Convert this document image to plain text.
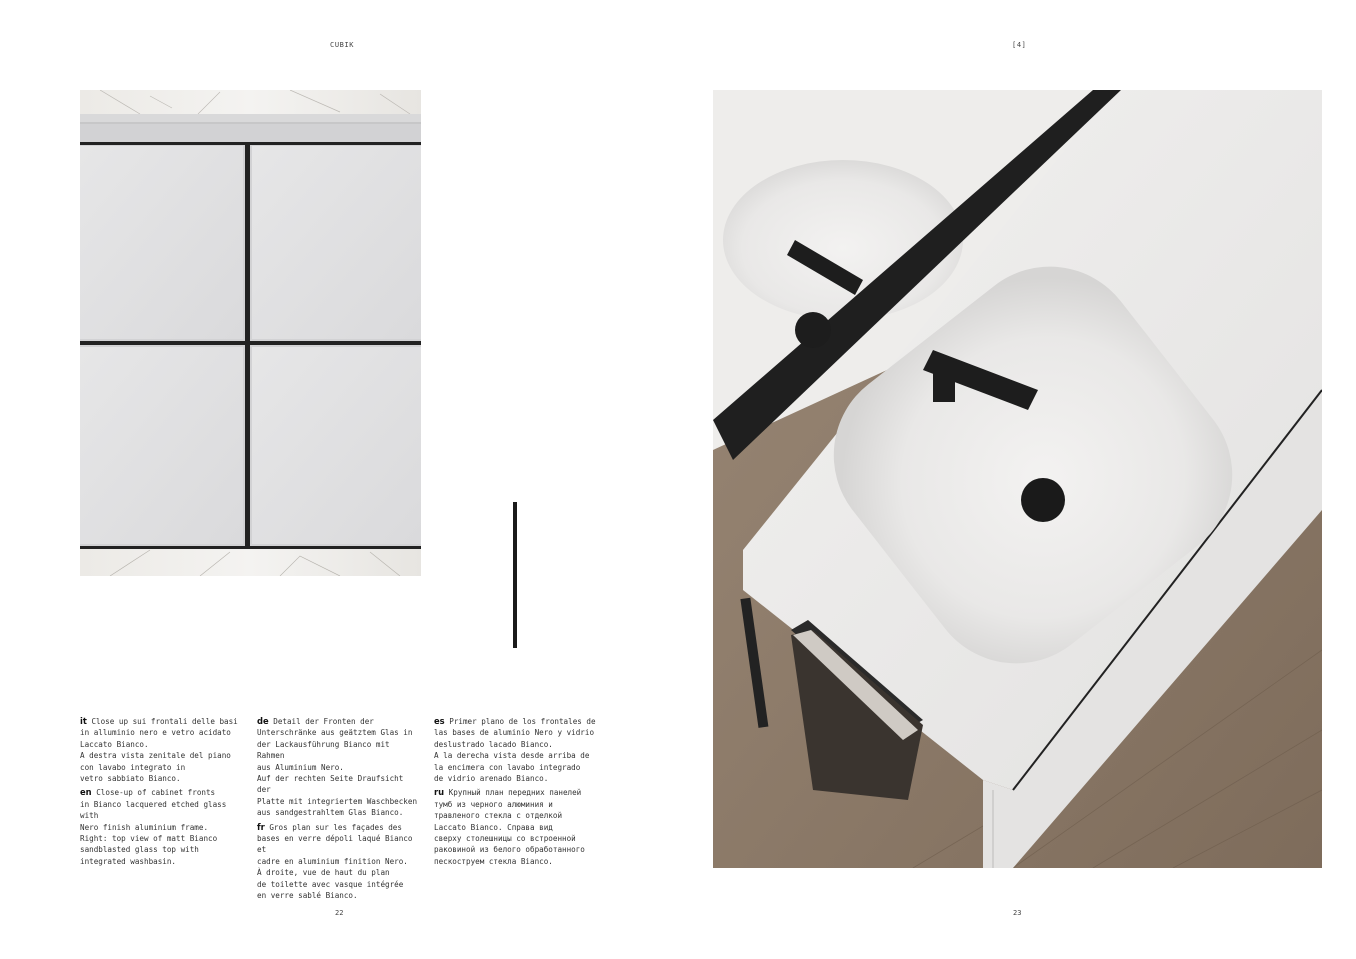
CUBIK

it Close up sui frontali delle basi
in alluminio nero e vetro acidato
Laccato Bianco.
A destra vista zenitale del piano
con lavabo integrato in
vetro sabbiato Bianco.

en Close-up of cabinet fronts
in Bianco lacquered etched glass with
Nero finish aluminium frame.
Right: top view of matt Bianco
sandblasted glass top with
integrated washbasin.

de Detail der Fronten der
Unterschränke aus geätztem Glas in
der Lackausführung Bianco mit Rahmen
aus Aluminium Nero.
Auf der rechten Seite Draufsicht der
Platte mit integriertem Waschbecken
aus sandgestrahltem Glas Bianco.

fr Gros plan sur les façades des
bases en verre dépoli laqué Bianco et
cadre en aluminium finition Nero.
À droite, vue de haut du plan
de toilette avec vasque intégrée
en verre sablé Bianco.

es Primer plano de los frontales de
las bases de aluminio Nero y vidrio
deslustrado lacado Bianco.
A la derecha vista desde arriba de
la encimera con lavabo integrado
de vidrio arenado Bianco.

ru Крупный план передних панелей
тумб из черного алюминия и
травленого стекла с отделкой
Laccato Bianco. Справа вид
сверху столешницы со встроенной
раковиной из белого обработанного
пескоструем стекла Bianco.

22
[4]
23
